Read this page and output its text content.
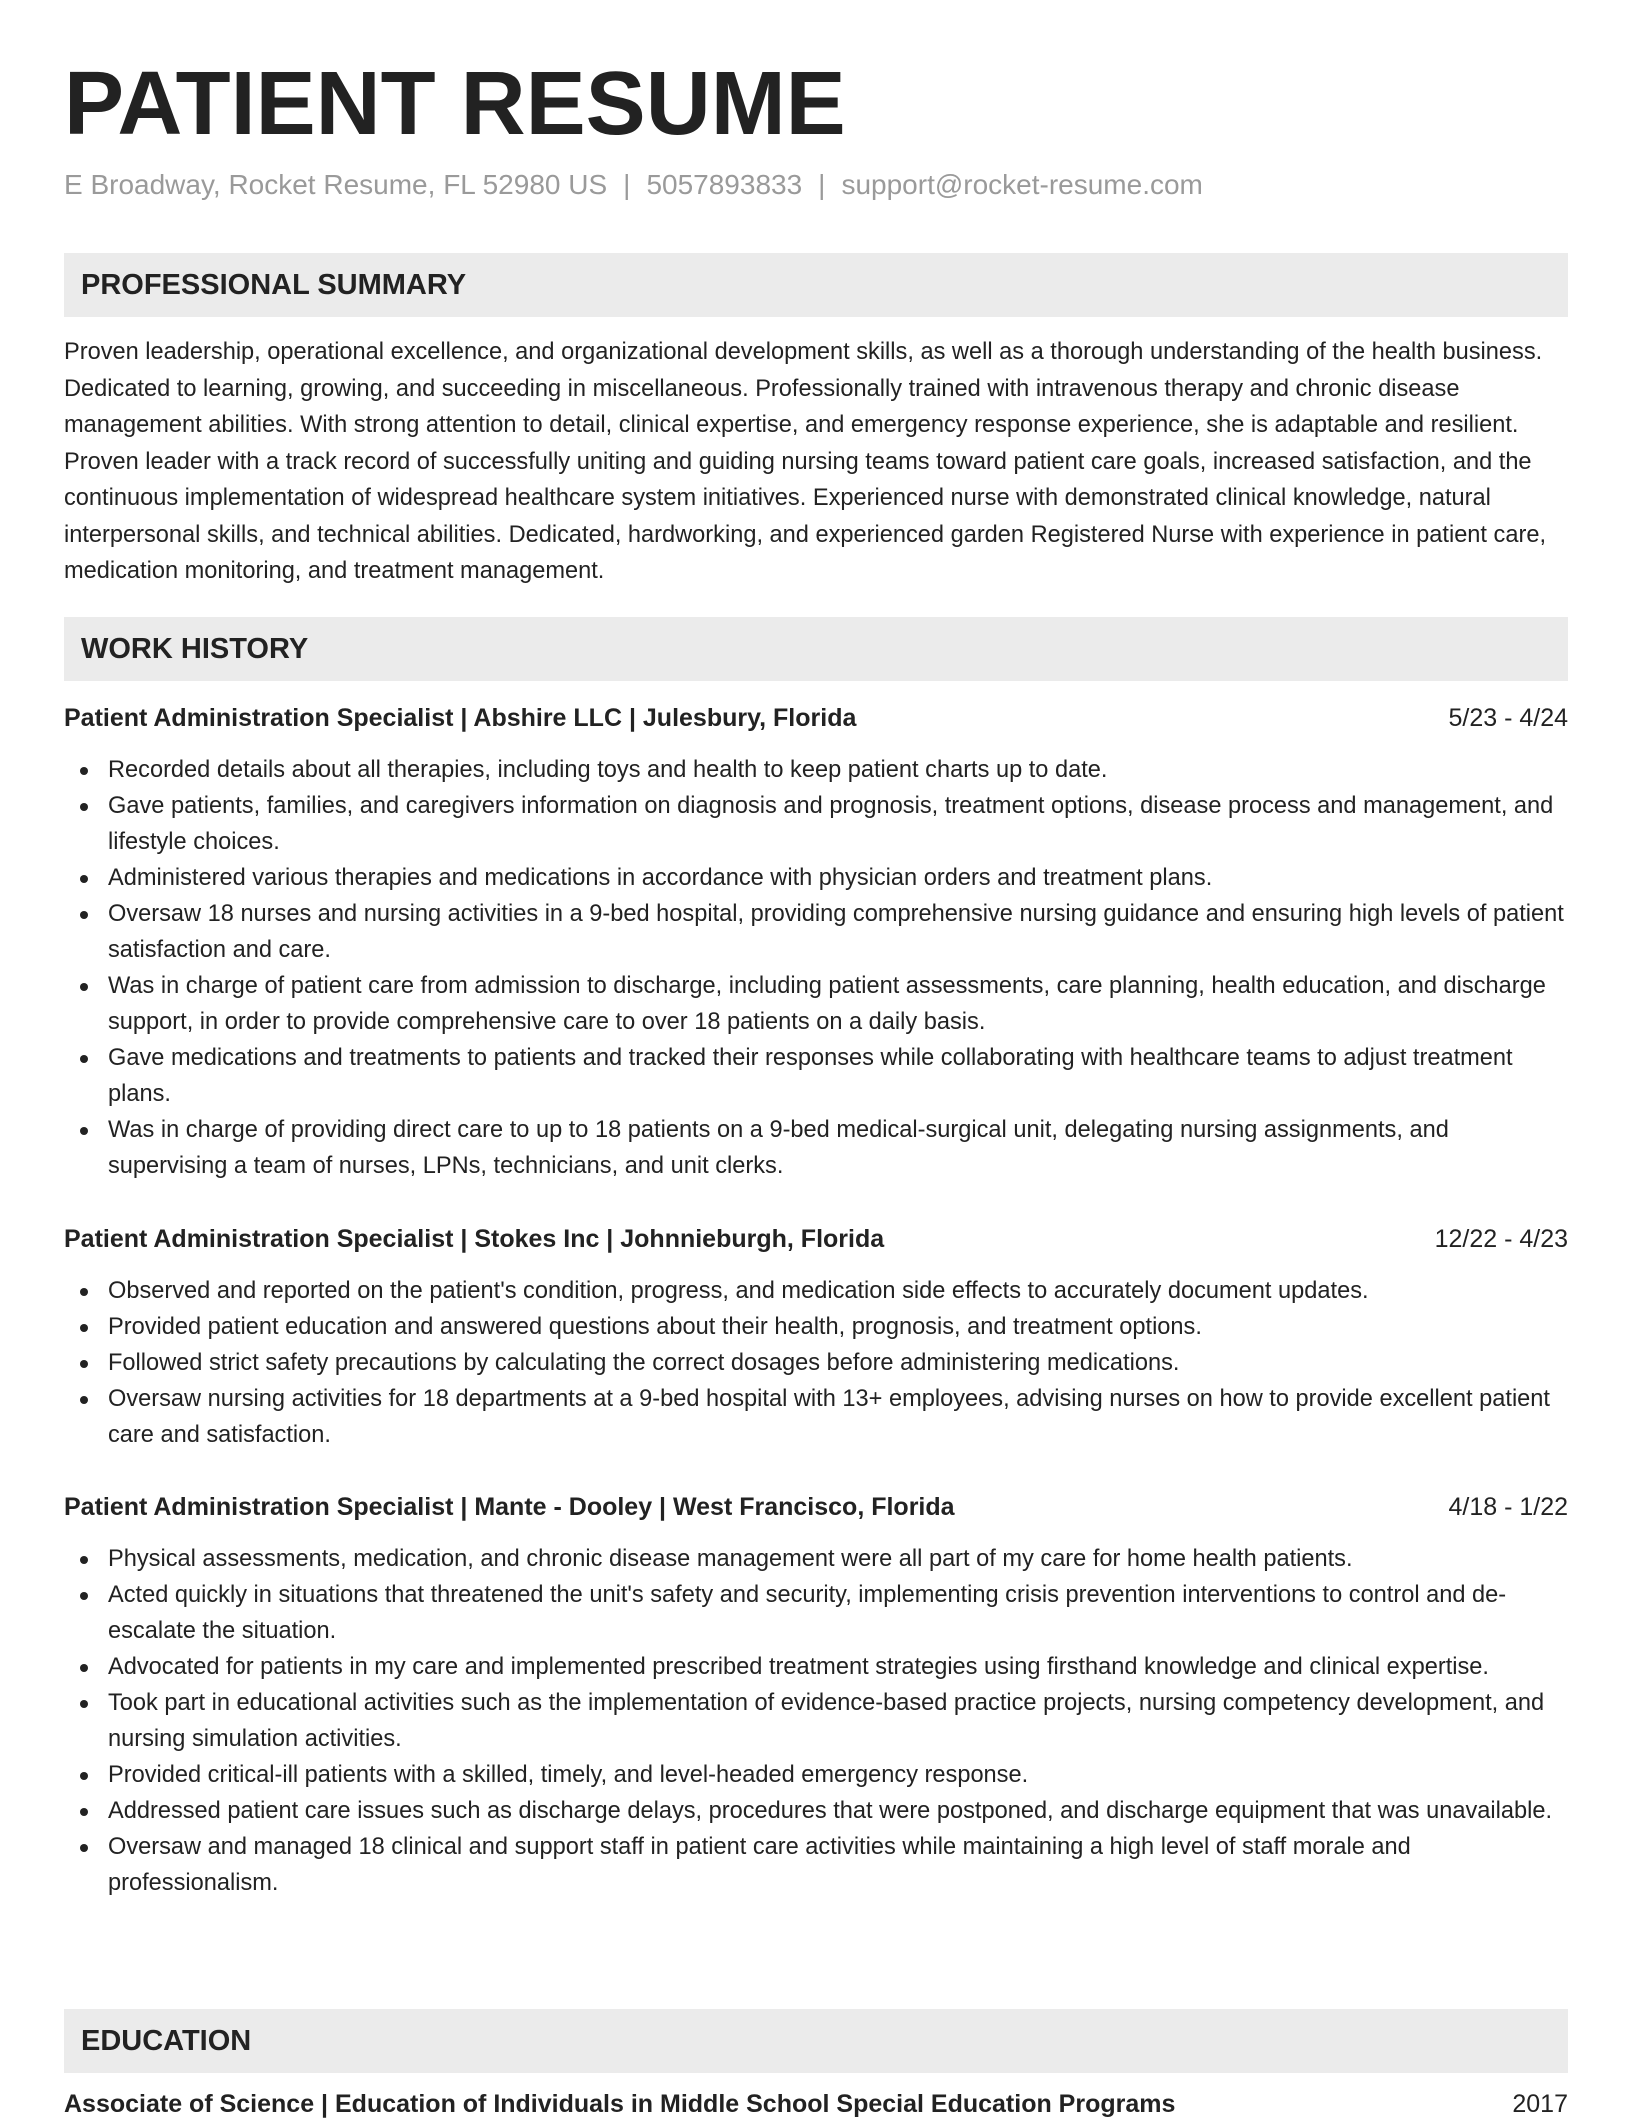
PATIENT RESUME
E Broadway, Rocket Resume, FL 52980 US | 5057893833 | support@rocket-resume.com
PROFESSIONAL SUMMARY

Proven leadership, operational excellence, and organizational development skills, as well as a thorough understanding of the health business. Dedicated to learning, growing, and succeeding in miscellaneous. Professionally trained with intravenous therapy and chronic disease management abilities. With strong attention to detail, clinical expertise, and emergency response experience, she is adaptable and resilient. Proven leader with a track record of successfully uniting and guiding nursing teams toward patient care goals, increased satisfaction, and the continuous implementation of widespread healthcare system initiatives. Experienced nurse with demonstrated clinical knowledge, natural interpersonal skills, and technical abilities. Dedicated, hardworking, and experienced garden Registered Nurse with experience in patient care, medication monitoring, and treatment management.

WORK HISTORY
Patient Administration Specialist | Abshire LLC | Julesbury, Florida	5/23 - 4/24
Recorded details about all therapies, including toys and health to keep patient charts up to date.
Gave patients, families, and caregivers information on diagnosis and prognosis, treatment options, disease process and management, and lifestyle choices.
Administered various therapies and medications in accordance with physician orders and treatment plans.
Oversaw 18 nurses and nursing activities in a 9-bed hospital, providing comprehensive nursing guidance and ensuring high levels of patient satisfaction and care.
Was in charge of patient care from admission to discharge, including patient assessments, care planning, health education, and discharge support, in order to provide comprehensive care to over 18 patients on a daily basis.
Gave medications and treatments to patients and tracked their responses while collaborating with healthcare teams to adjust treatment plans.
Was in charge of providing direct care to up to 18 patients on a 9-bed medical-surgical unit, delegating nursing assignments, and supervising a team of nurses, LPNs, technicians, and unit clerks.
Patient Administration Specialist | Stokes Inc | Johnnieburgh, Florida	12/22 - 4/23
Observed and reported on the patient's condition, progress, and medication side effects to accurately document updates.
Provided patient education and answered questions about their health, prognosis, and treatment options.
Followed strict safety precautions by calculating the correct dosages before administering medications.
Oversaw nursing activities for 18 departments at a 9-bed hospital with 13+ employees, advising nurses on how to provide excellent patient care and satisfaction.
Patient Administration Specialist | Mante - Dooley | West Francisco, Florida	4/18 - 1/22
Physical assessments, medication, and chronic disease management were all part of my care for home health patients.
Acted quickly in situations that threatened the unit's safety and security, implementing crisis prevention interventions to control and de-escalate the situation.
Advocated for patients in my care and implemented prescribed treatment strategies using firsthand knowledge and clinical expertise.
Took part in educational activities such as the implementation of evidence-based practice projects, nursing competency development, and nursing simulation activities.
Provided critical-ill patients with a skilled, timely, and level-headed emergency response.
Addressed patient care issues such as discharge delays, procedures that were postponed, and discharge equipment that was unavailable.
Oversaw and managed 18 clinical and support staff in patient care activities while maintaining a high level of staff morale and professionalism.
EDUCATION
Associate of Science | Education of Individuals in Middle School Special Education Programs	2017
